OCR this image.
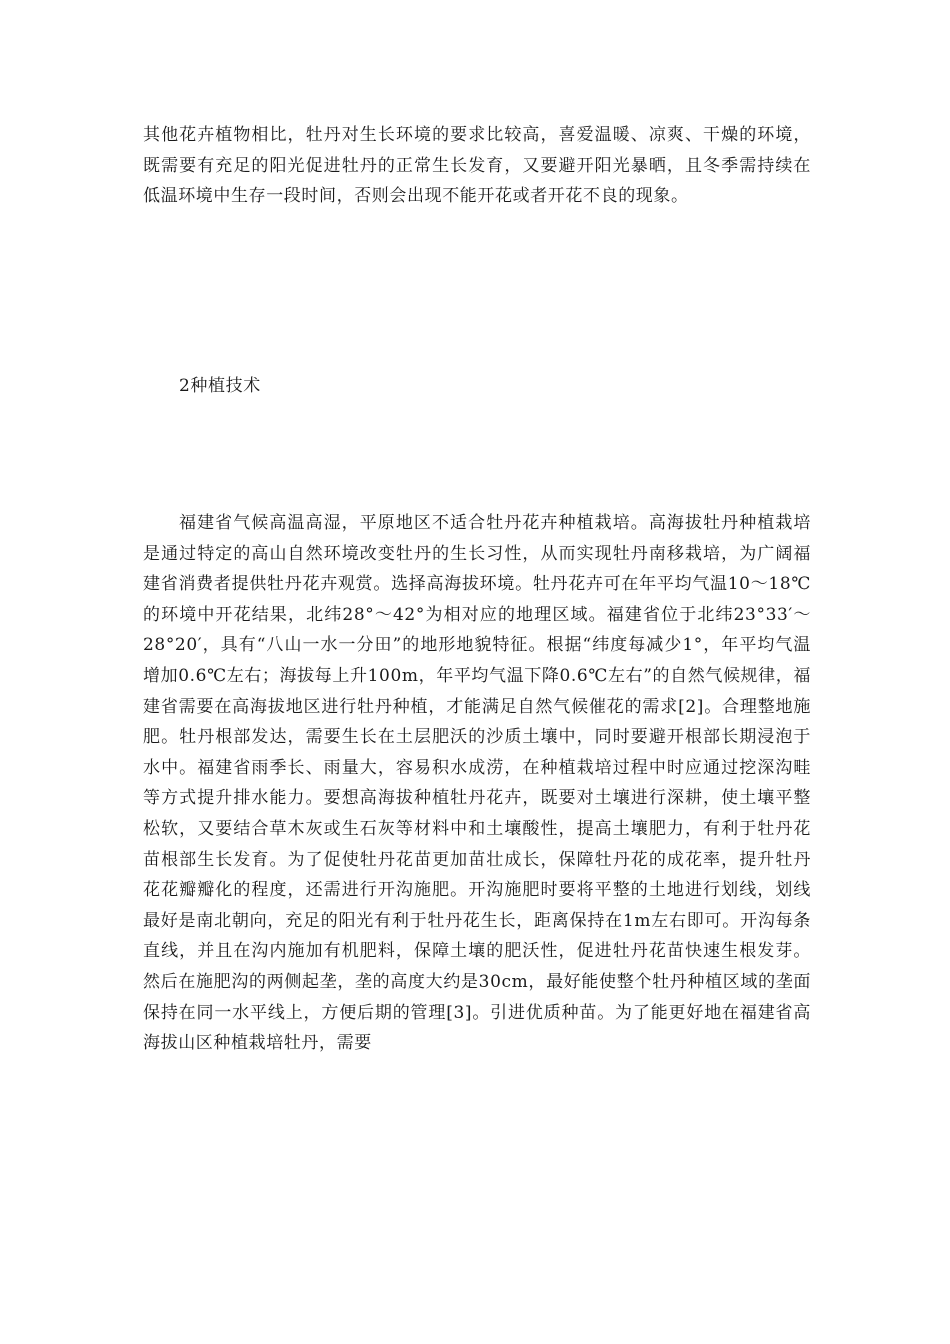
其他花卉植物相比，牡丹对生长环境的要求比较高，喜爱温暖、凉爽、干燥的环境，既需要有充足的阳光促进牡丹的正常生长发育，又要避开阳光暴晒，且冬季需持续在低温环境中生存一段时间，否则会出现不能开花或者开花不良的现象。

2种植技术

福建省气候高温高湿，平原地区不适合牡丹花卉种植栽培。高海拔牡丹种植栽培是通过特定的高山自然环境改变牡丹的生长习性，从而实现牡丹南移栽培，为广阔福建省消费者提供牡丹花卉观赏。选择高海拔环境。牡丹花卉可在年平均气温10～18℃的环境中开花结果，北纬28°～42°为相对应的地理区域。福建省位于北纬23°33′～28°20′，具有“八山一水一分田”的地形地貌特征。根据“纬度每减少1°，年平均气温增加0.6℃左右；海拔每上升100m，年平均气温下降0.6℃左右”的自然气候规律，福建省需要在高海拔地区进行牡丹种植，才能满足自然气候催花的需求[2]。合理整地施肥。牡丹根部发达，需要生长在土层肥沃的沙质土壤中，同时要避开根部长期浸泡于水中。福建省雨季长、雨量大，容易积水成涝，在种植栽培过程中时应通过挖深沟畦等方式提升排水能力。要想高海拔种植牡丹花卉，既要对土壤进行深耕，使土壤平整松软，又要结合草木灰或生石灰等材料中和土壤酸性，提高土壤肥力，有利于牡丹花苗根部生长发育。为了促使牡丹花苗更加苗壮成长，保障牡丹花的成花率，提升牡丹花花瓣瓣化的程度，还需进行开沟施肥。开沟施肥时要将平整的土地进行划线，划线最好是南北朝向，充足的阳光有利于牡丹花生长，距离保持在1m左右即可。开沟每条直线，并且在沟内施加有机肥料，保障土壤的肥沃性，促进牡丹花苗快速生根发芽。然后在施肥沟的两侧起垄，垄的高度大约是30cm，最好能使整个牡丹种植区域的垄面保持在同一水平线上，方便后期的管理[3]。引进优质种苗。为了能更好地在福建省高海拔山区种植栽培牡丹，需要
